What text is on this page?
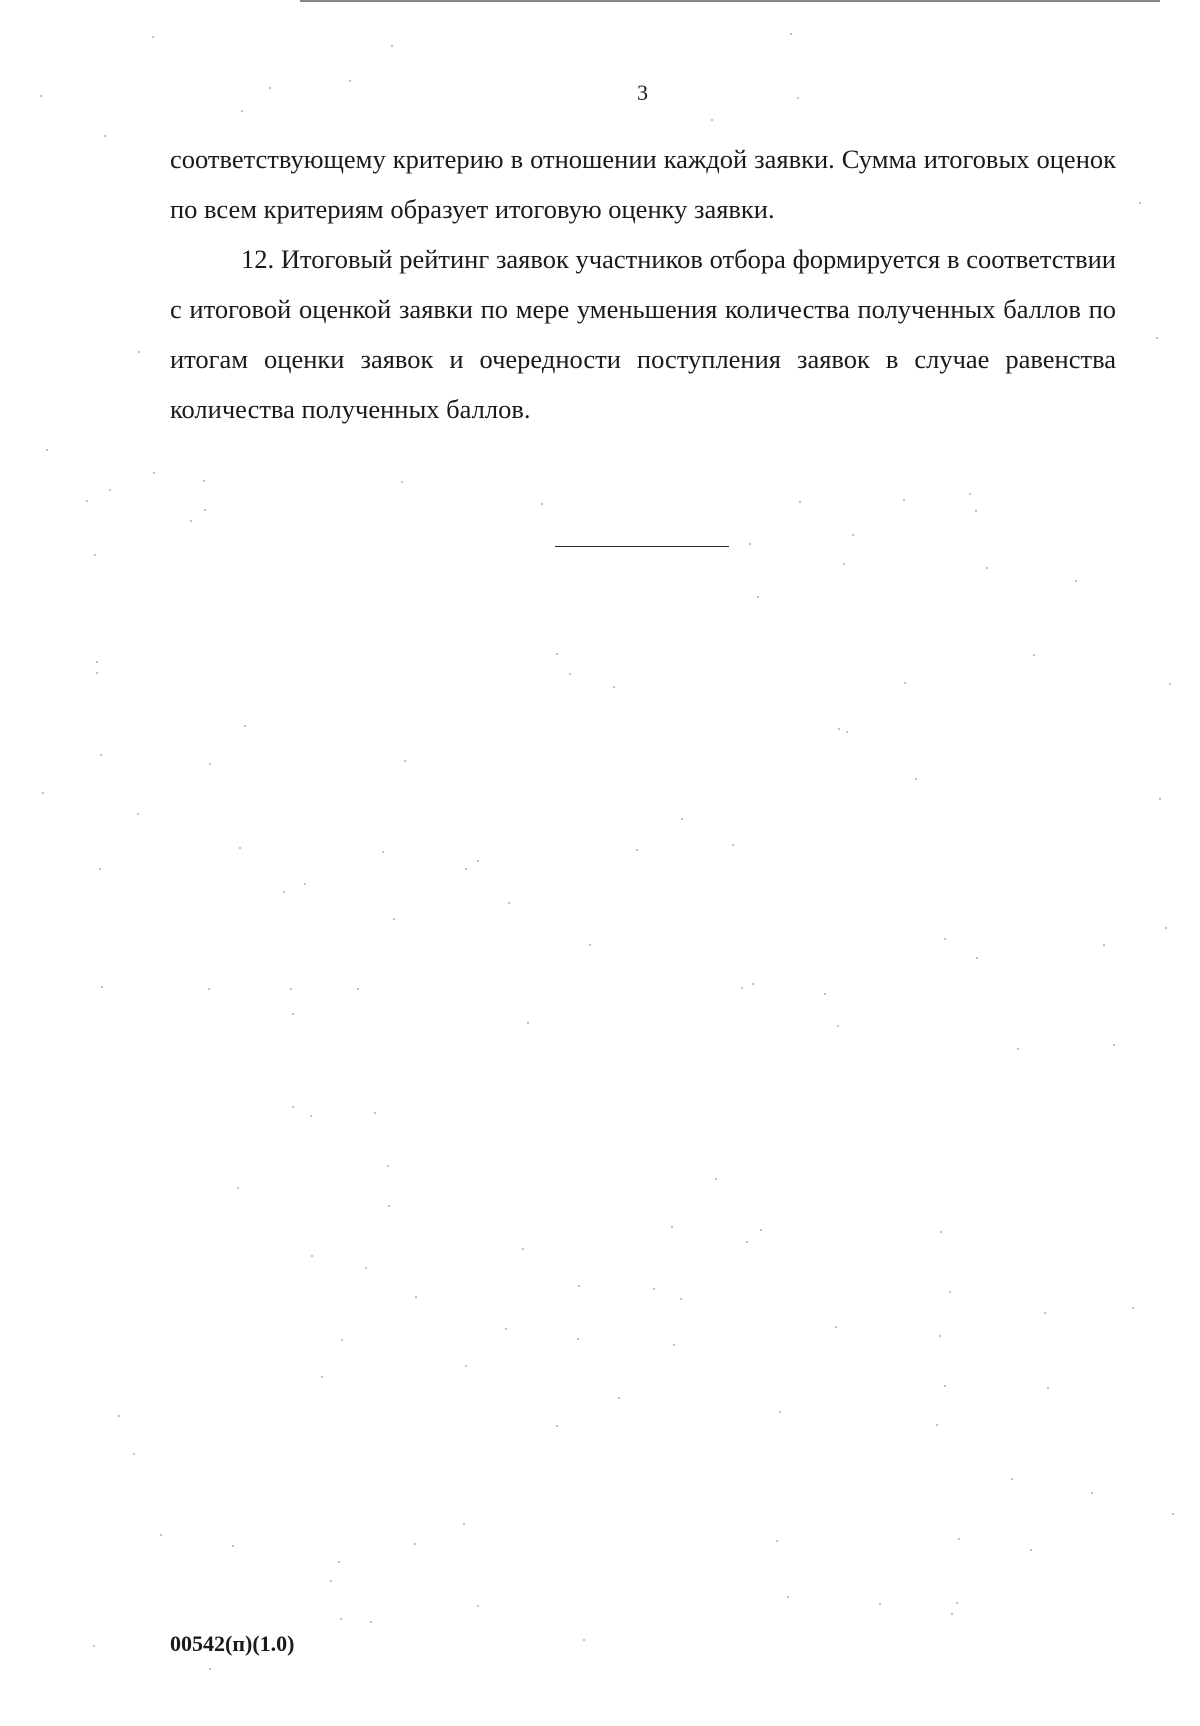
3

соответствующему критерию в отношении каждой заявки. Сумма итоговых оценок по всем критериям образует итоговую оценку заявки.

12. Итоговый рейтинг заявок участников отбора формируется в соответствии с итоговой оценкой заявки по мере уменьшения количества полученных баллов по итогам оценки заявок и очередности поступления заявок в случае равенства количества полученных баллов.

00542(п)(1.0)
